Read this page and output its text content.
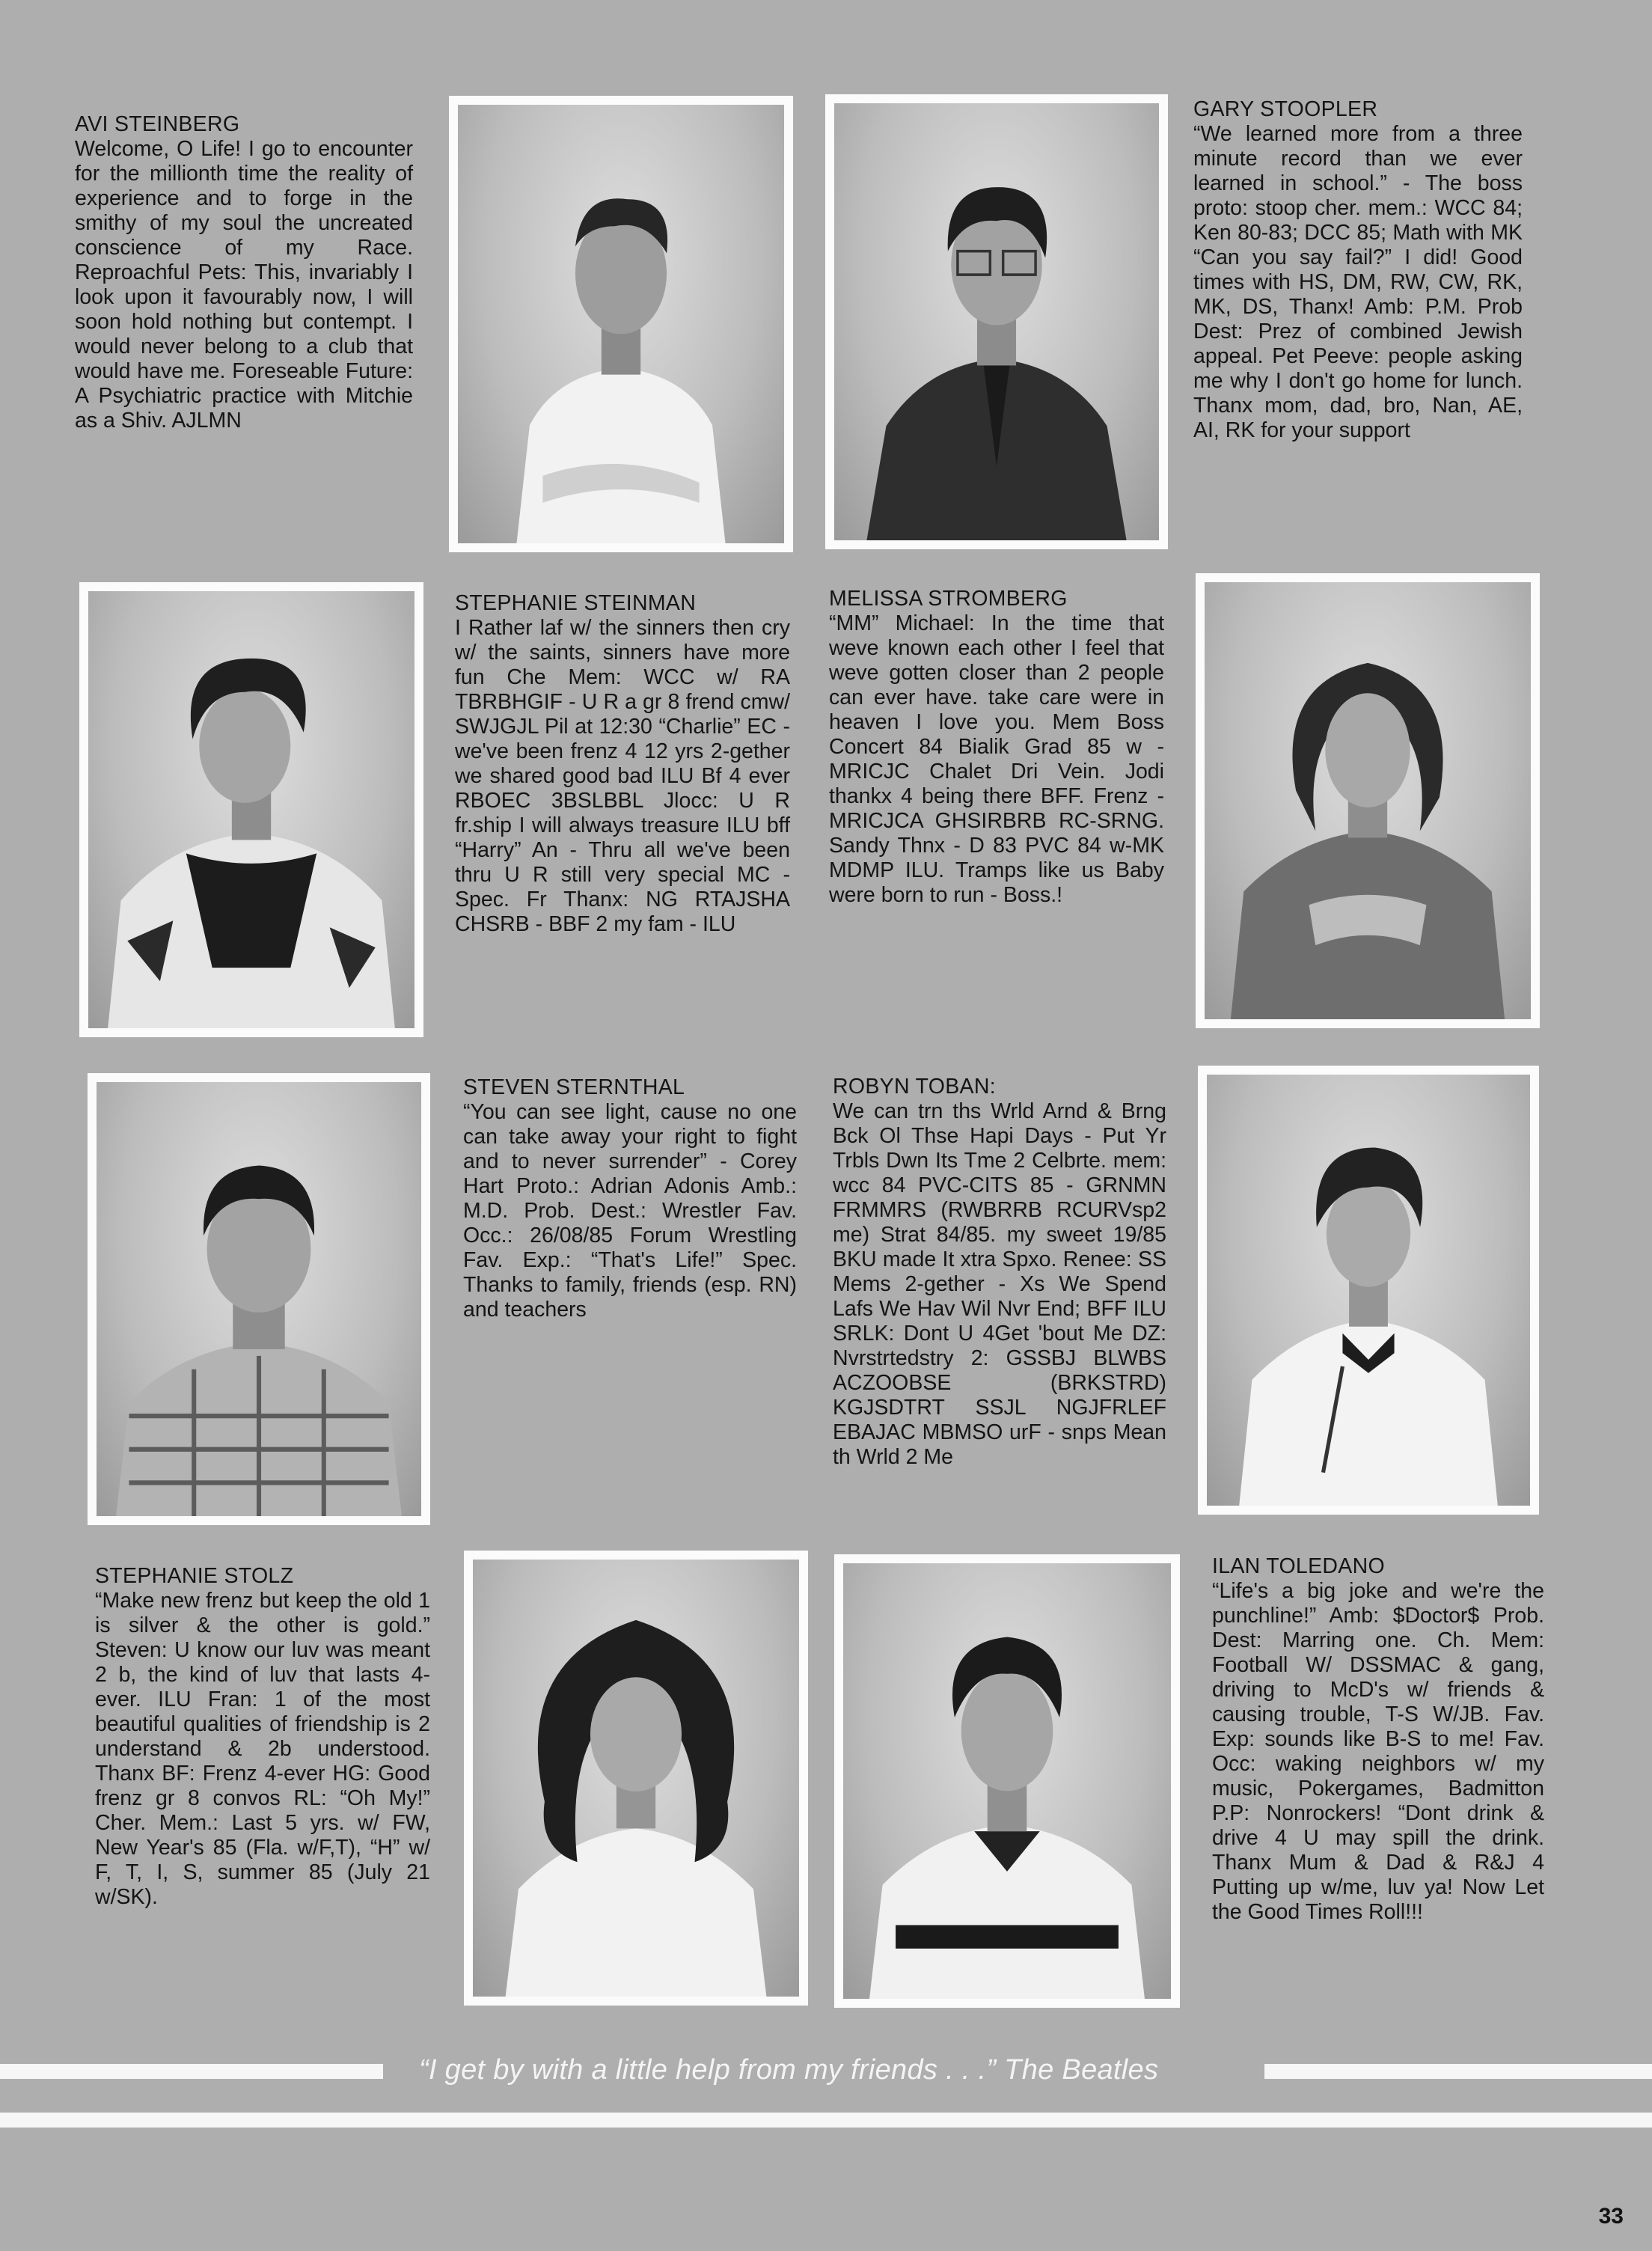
AVI STEINBERG
Welcome, O Life! I go to encounter for the millionth time the reality of experience and to forge in the smithy of my soul the uncreated conscience of my Race. Reproachful Pets: This, invariably I look upon it favourably now, I will soon hold nothing but contempt. I would never belong to a club that would have me. Foreseable Future: A Psychiatric practice with Mitchie as a Shiv. AJLMN
GARY STOOPLER
“We learned more from a three minute record than we ever learned in school.” - The boss proto: stoop cher. mem.: WCC 84; Ken 80-83; DCC 85; Math with MK “Can you say fail?” I did! Good times with HS, DM, RW, CW, RK, MK, DS, Thanx! Amb: P.M. Prob Dest: Prez of combined Jewish appeal. Pet Peeve: people asking me why I don't go home for lunch. Thanx mom, dad, bro, Nan, AE, AI, RK for your support
STEPHANIE STEINMAN
I Rather laf w/ the sinners then cry w/ the saints, sinners have more fun Che Mem: WCC w/ RA TBRBHGIF - U R a gr 8 frend cmw/ SWJGJL Pil at 12:30 “Charlie” EC - we've been frenz 4 12 yrs 2-gether we shared good bad ILU Bf 4 ever RBOEC 3BSLBBL Jlocc: U R fr.ship I will always treasure ILU bff “Harry” An - Thru all we've been thru U R still very special MC - Spec. Fr Thanx: NG RTAJSHA CHSRB - BBF 2 my fam - ILU
MELISSA STROMBERG
“MM” Michael: In the time that weve known each other I feel that weve gotten closer than 2 people can ever have. take care were in heaven I love you. Mem Boss Concert 84 Bialik Grad 85 w - MRICJC Chalet Dri Vein. Jodi thankx 4 being there BFF. Frenz - MRICJCA GHSIRBRB RC-SRNG. Sandy Thnx - D 83 PVC 84 w-MK MDMP ILU. Tramps like us Baby were born to run - Boss.!
STEVEN STERNTHAL
“You can see light, cause no one can take away your right to fight and to never surrender” - Corey Hart Proto.: Adrian Adonis Amb.: M.D. Prob. Dest.: Wrestler Fav. Occ.: 26/08/85 Forum Wrestling Fav. Exp.: “That's Life!” Spec. Thanks to family, friends (esp. RN) and teachers
ROBYN TOBAN:
We can trn ths Wrld Arnd & Brng Bck Ol Thse Hapi Days - Put Yr Trbls Dwn Its Tme 2 Celbrte. mem: wcc 84 PVC-CITS 85 - GRNMN FRMMRS (RWBRRB RCURVsp2 me) Strat 84/85. my sweet 19/85 BKU made It xtra Spxo. Renee: SS Mems 2-gether - Xs We Spend Lafs We Hav Wil Nvr End; BFF ILU SRLK: Dont U 4Get 'bout Me DZ: Nvrstrtedstry 2: GSSBJ BLWBS ACZOOBSE (BRKSTRD) KGJSDTRT SSJL NGJFRLEF EBAJAC MBMSO urF - snps Mean th Wrld 2 Me
STEPHANIE STOLZ
“Make new frenz but keep the old 1 is silver & the other is gold.” Steven: U know our luv was meant 2 b, the kind of luv that lasts 4-ever. ILU Fran: 1 of the most beautiful qualities of friendship is 2 understand & 2b understood. Thanx BF: Frenz 4-ever HG: Good frenz gr 8 convos RL: “Oh My!” Cher. Mem.: Last 5 yrs. w/ FW, New Year's 85 (Fla. w/F,T), “H” w/ F, T, I, S, summer 85 (July 21 w/SK).
ILAN TOLEDANO
“Life's a big joke and we're the punchline!” Amb: $Doctor$ Prob. Dest: Marring one. Ch. Mem: Football W/ DSSMAC & gang, driving to McD's w/ friends & causing trouble, T-S W/JB. Fav. Exp: sounds like B-S to me! Fav. Occ: waking neighbors w/ my music, Pokergames, Badmitton P.P: Nonrockers! “Dont drink & drive 4 U may spill the drink. Thanx Mum & Dad & R&J 4 Putting up w/me, luv ya! Now Let the Good Times Roll!!!
“I get by with a little help from my friends . . .” The Beatles
33
